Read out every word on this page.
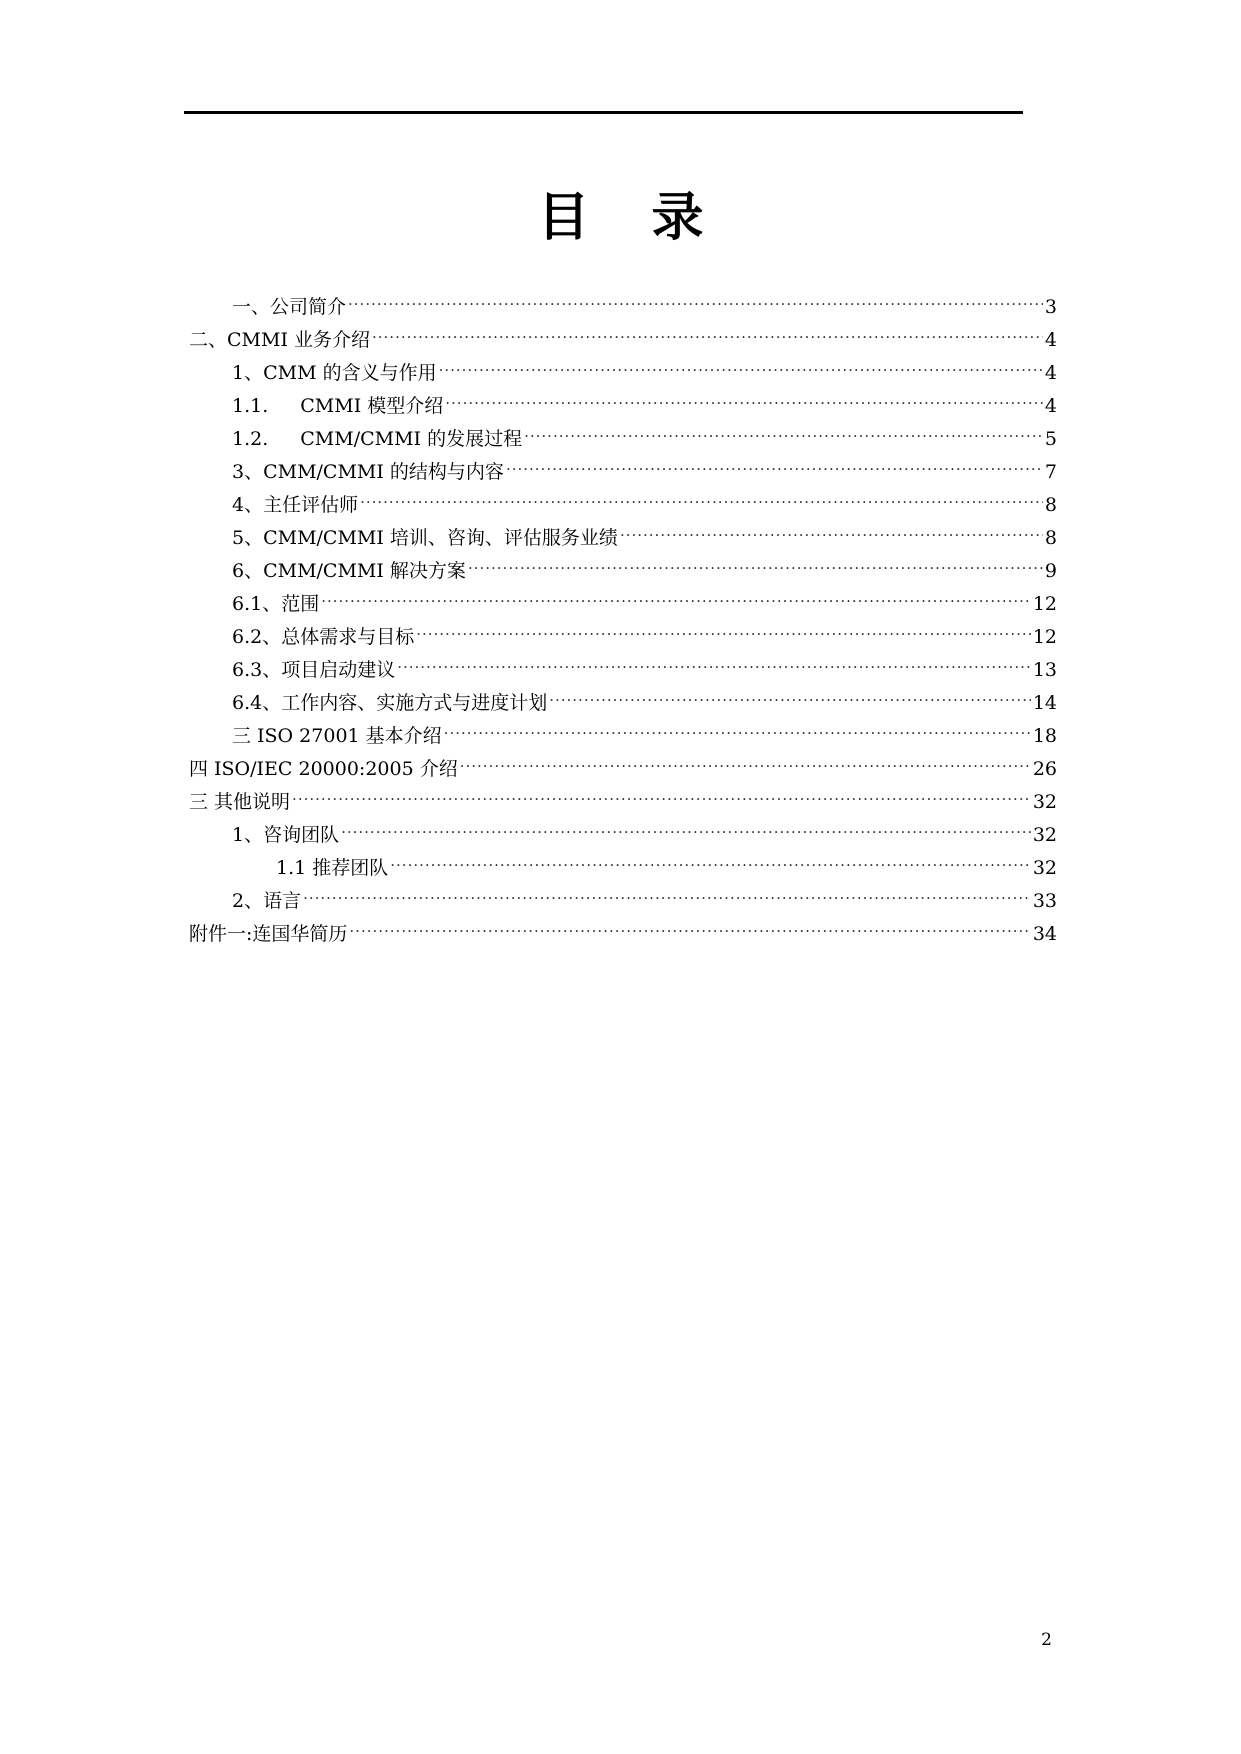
目 录
一、公司简介 .....	3
二、CMMI 业务介绍 .....	4
1、CMM 的含义与作用 .....	4
1.1. CMMI 模型介绍 .....	4
1.2. CMM/CMMI 的发展过程 .....	5
3、CMM/CMMI 的结构与内容 .....	7
4、主任评估师 .....	8
5、CMM/CMMI 培训、咨询、评估服务业绩 .....	8
6、CMM/CMMI 解决方案 .....	9
6.1、范围 .....	12
6.2、总体需求与目标 .....	12
6.3、项目启动建议 .....	13
6.4、工作内容、实施方式与进度计划 .....	14
三 ISO 27001 基本介绍 .....	18
四 ISO/IEC 20000:2005 介绍 .....	26
三 其他说明 .....	32
1、咨询团队 .....	32
1.1 推荐团队 .....	32
2、语言 .....	33
附件一:连国华简历 .....	34
2
